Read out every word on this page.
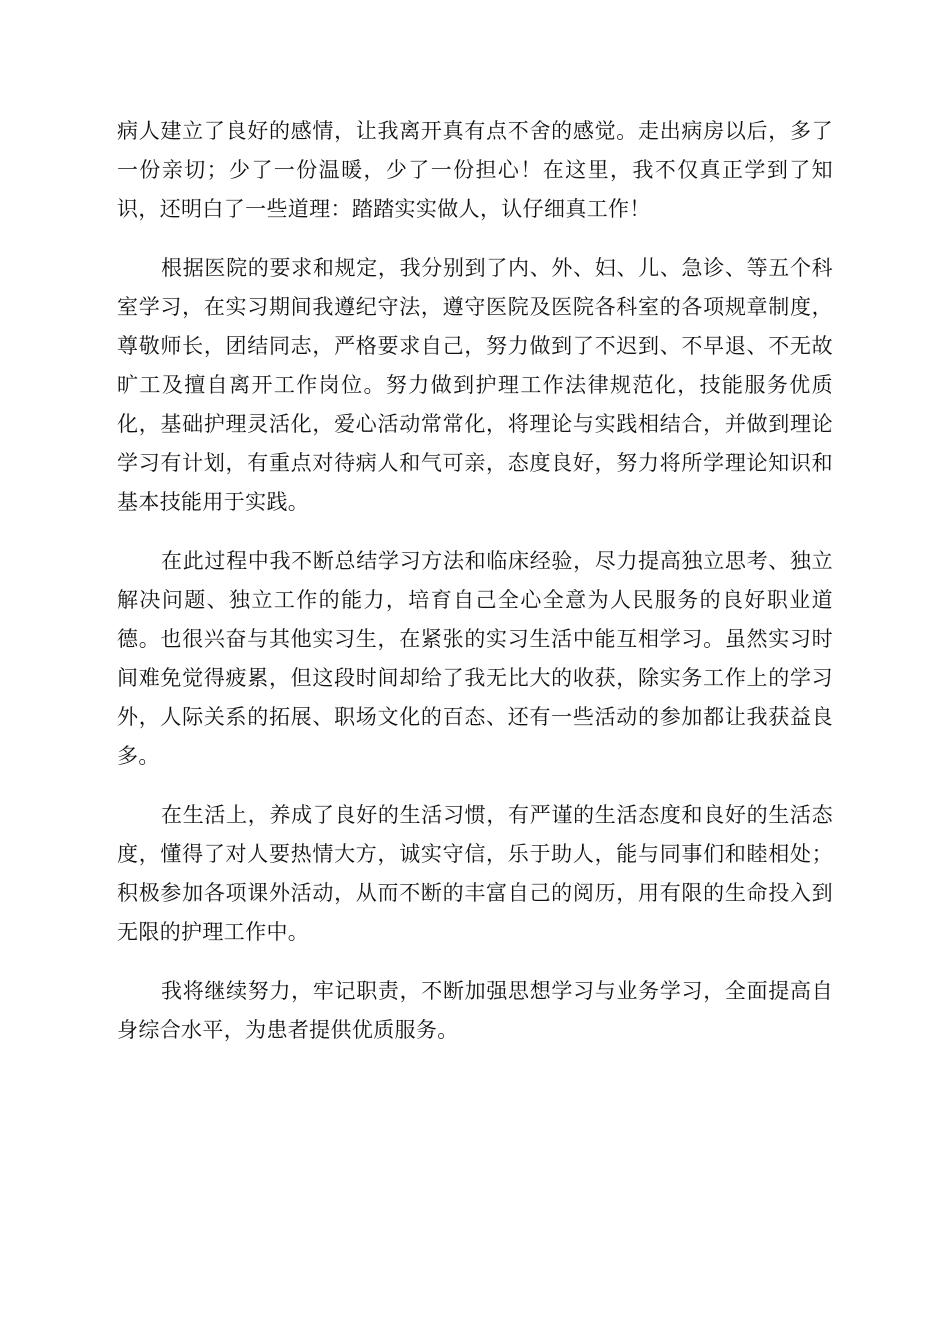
病人建立了良好的感情，让我离开真有点不舍的感觉。走出病房以后，多了一份亲切；少了一份温暖，少了一份担心！在这里，我不仅真正学到了知识，还明白了一些道理：踏踏实实做人，认仔细真工作！

根据医院的要求和规定，我分别到了内、外、妇、儿、急诊、等五个科室学习，在实习期间我遵纪守法，遵守医院及医院各科室的各项规章制度，尊敬师长，团结同志，严格要求自己，努力做到了不迟到、不早退、不无故旷工及擅自离开工作岗位。努力做到护理工作法律规范化，技能服务优质化，基础护理灵活化，爱心活动常常化，将理论与实践相结合，并做到理论学习有计划，有重点对待病人和气可亲，态度良好，努力将所学理论知识和基本技能用于实践。

在此过程中我不断总结学习方法和临床经验，尽力提高独立思考、独立解决问题、独立工作的能力，培育自己全心全意为人民服务的良好职业道德。也很兴奋与其他实习生，在紧张的实习生活中能互相学习。虽然实习时间难免觉得疲累，但这段时间却给了我无比大的收获，除实务工作上的学习外，人际关系的拓展、职场文化的百态、还有一些活动的参加都让我获益良多。

在生活上，养成了良好的生活习惯，有严谨的生活态度和良好的生活态度，懂得了对人要热情大方，诚实守信，乐于助人，能与同事们和睦相处；积极参加各项课外活动，从而不断的丰富自己的阅历，用有限的生命投入到无限的护理工作中。

我将继续努力，牢记职责，不断加强思想学习与业务学习，全面提高自身综合水平，为患者提供优质服务。
